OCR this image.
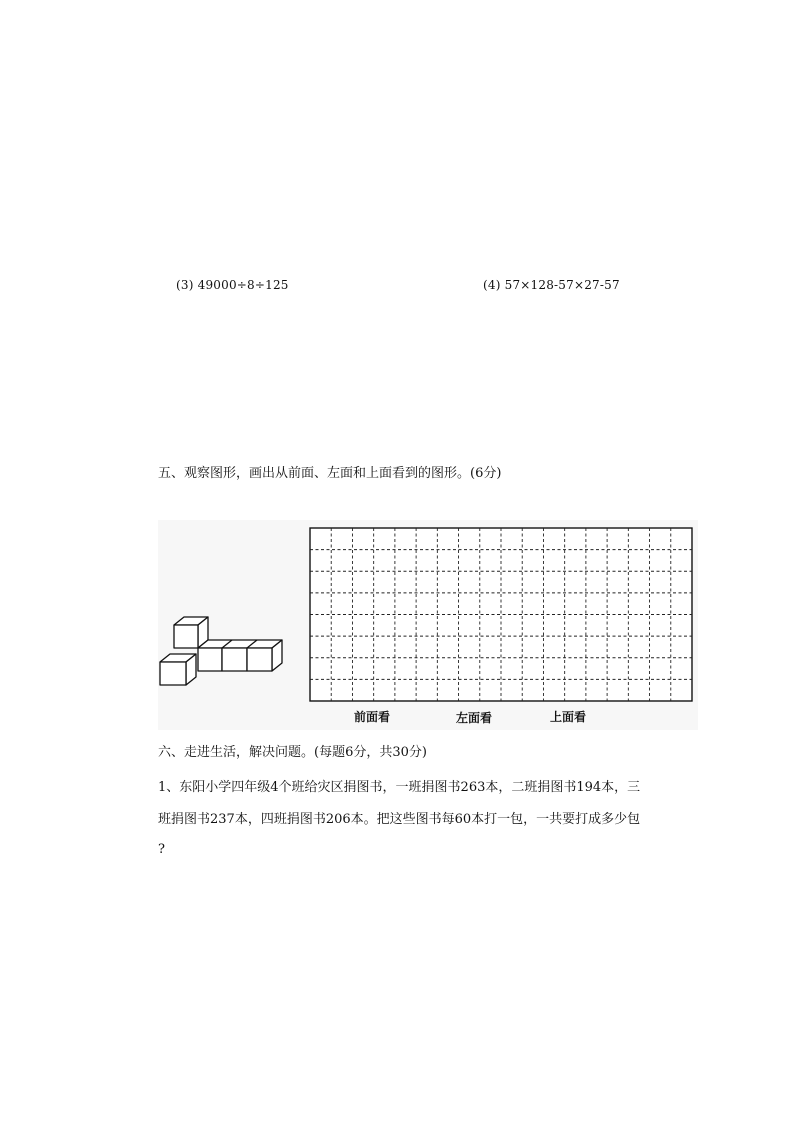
(3) 49000÷8÷125	(4) 57×128-57×27-57
五、观察图形，画出从前面、左面和上面看到的图形。(6分)
前面看	左面看	上面看
六、走进生活，解决问题。(每题6分，共30分)
1、东阳小学四年级4个班给灾区捐图书，一班捐图书263本，二班捐图书194本，三
班捐图书237本，四班捐图书206本。把这些图书每60本打一包，一共要打成多少包
?
